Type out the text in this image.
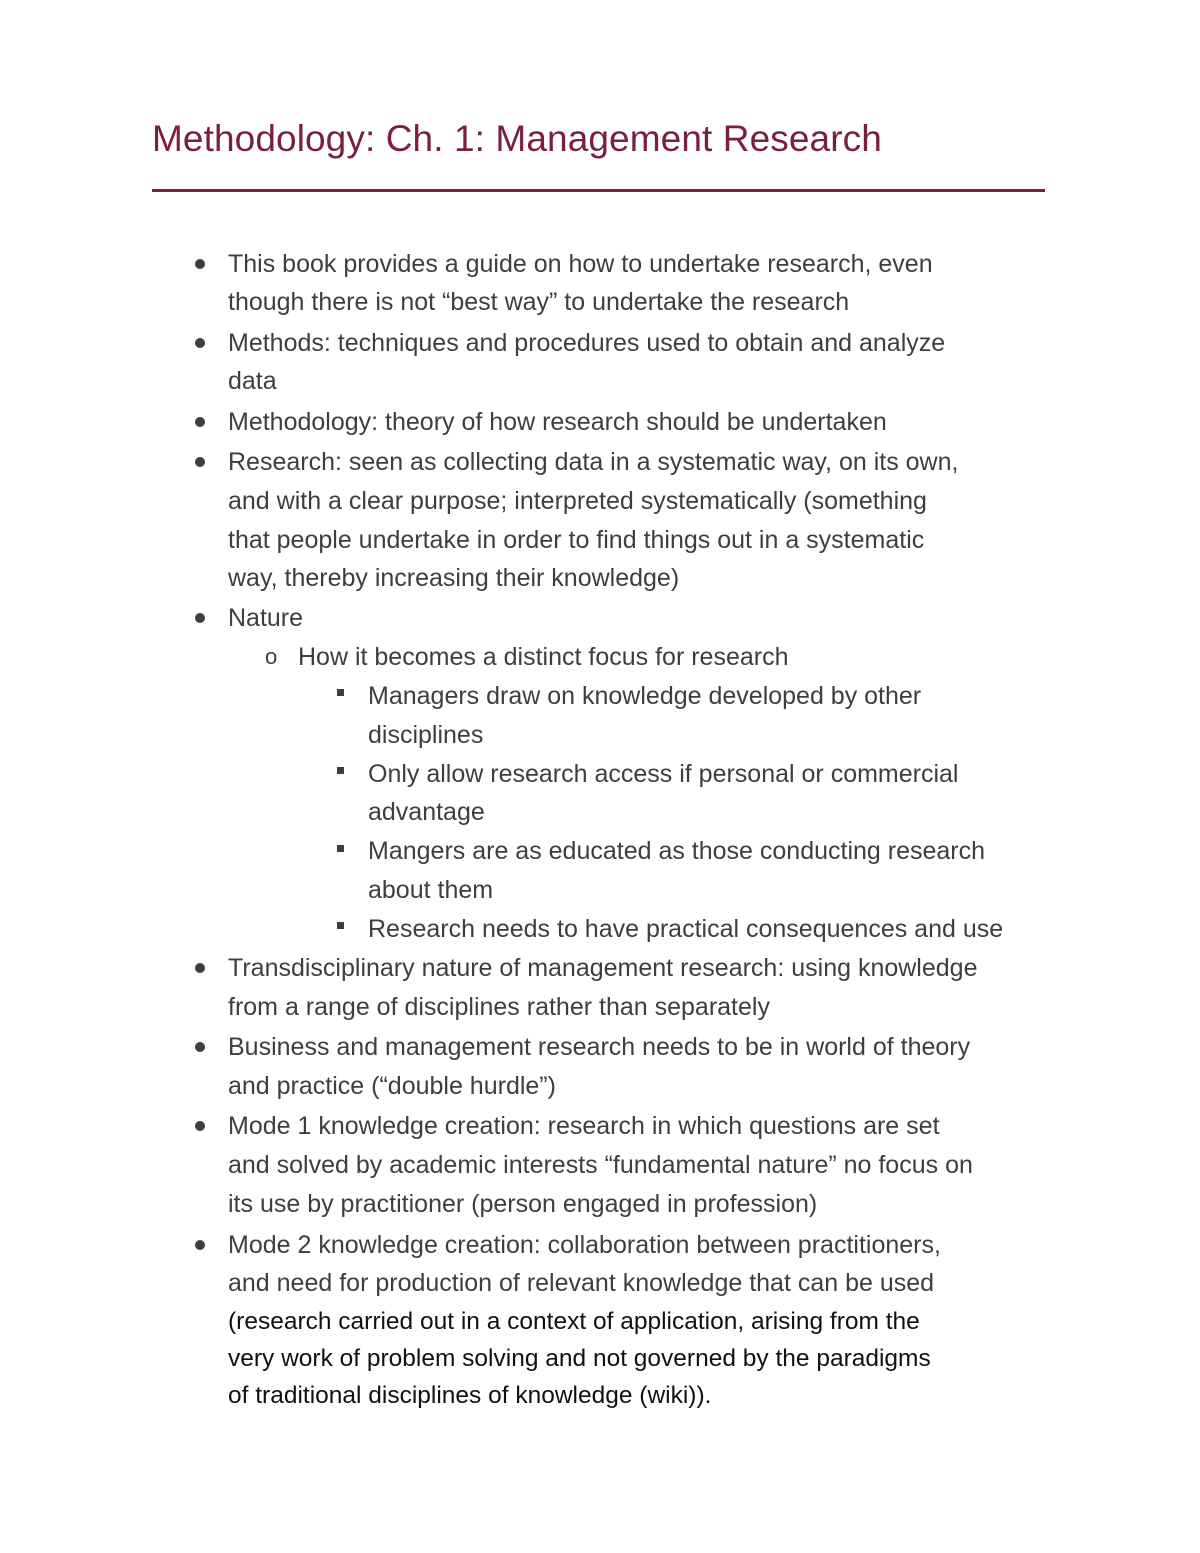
Methodology: Ch. 1: Management Research
This book provides a guide on how to undertake research, even
though there is not “best way” to undertake the research
Methods: techniques and procedures used to obtain and analyze
data
Methodology: theory of how research should be undertaken
Research: seen as collecting data in a systematic way, on its own,
and with a clear purpose; interpreted systematically (something
that people undertake in order to find things out in a systematic
way, thereby increasing their knowledge)
Nature
o How it becomes a distinct focus for research
Managers draw on knowledge developed by other
disciplines
Only allow research access if personal or commercial
advantage
Mangers are as educated as those conducting research
about them
Research needs to have practical consequences and use
Transdisciplinary nature of management research: using knowledge
from a range of disciplines rather than separately
Business and management research needs to be in world of theory
and practice (“double hurdle”)
Mode 1 knowledge creation: research in which questions are set
and solved by academic interests “fundamental nature” no focus on
its use by practitioner (person engaged in profession)
Mode 2 knowledge creation: collaboration between practitioners,
and need for production of relevant knowledge that can be used
(research carried out in a context of application, arising from the
very work of problem solving and not governed by the paradigms
of traditional disciplines of knowledge (wiki)).
